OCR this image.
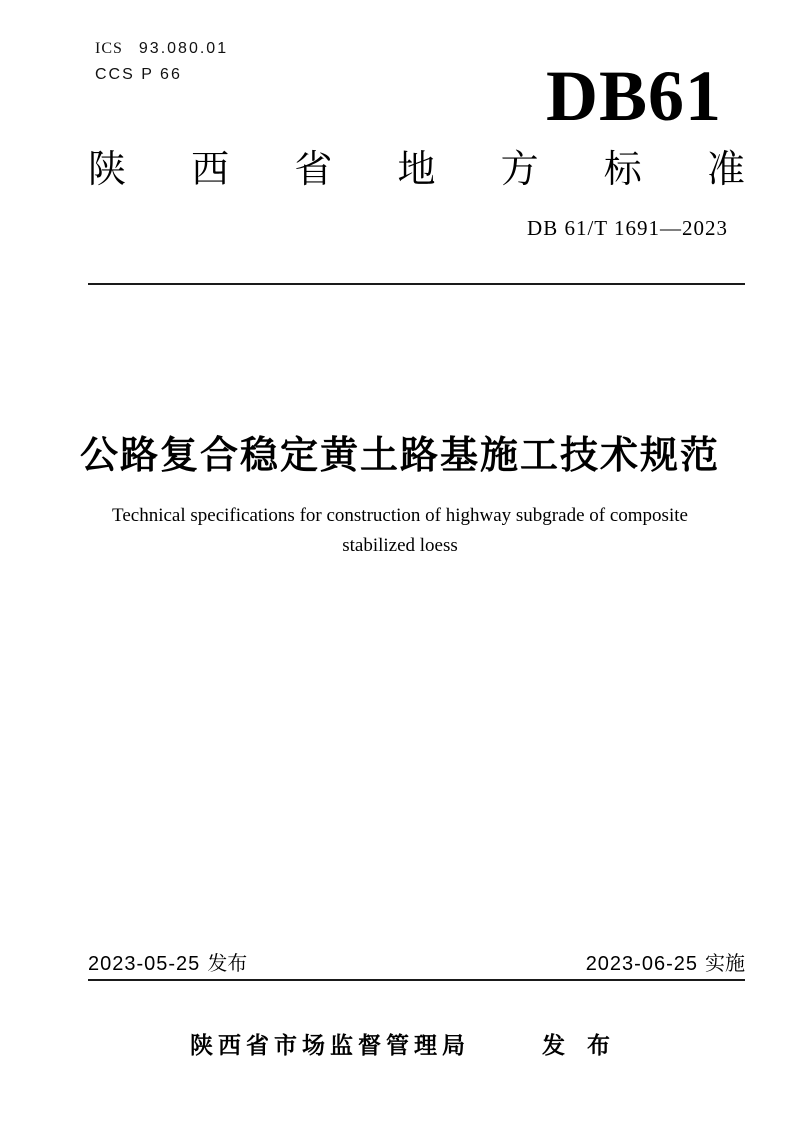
ICS 93.080.01
CCS P 66	DB61
陕 西 省 地 方 标 准
DB 61/T 1691—2023
公路复合稳定黄土路基施工技术规范
Technical specifications for construction of highway subgrade of composite
stabilized loess
2023-05-25 发布	2023-06-25 实施
陕西省市场监督管理局	发布
